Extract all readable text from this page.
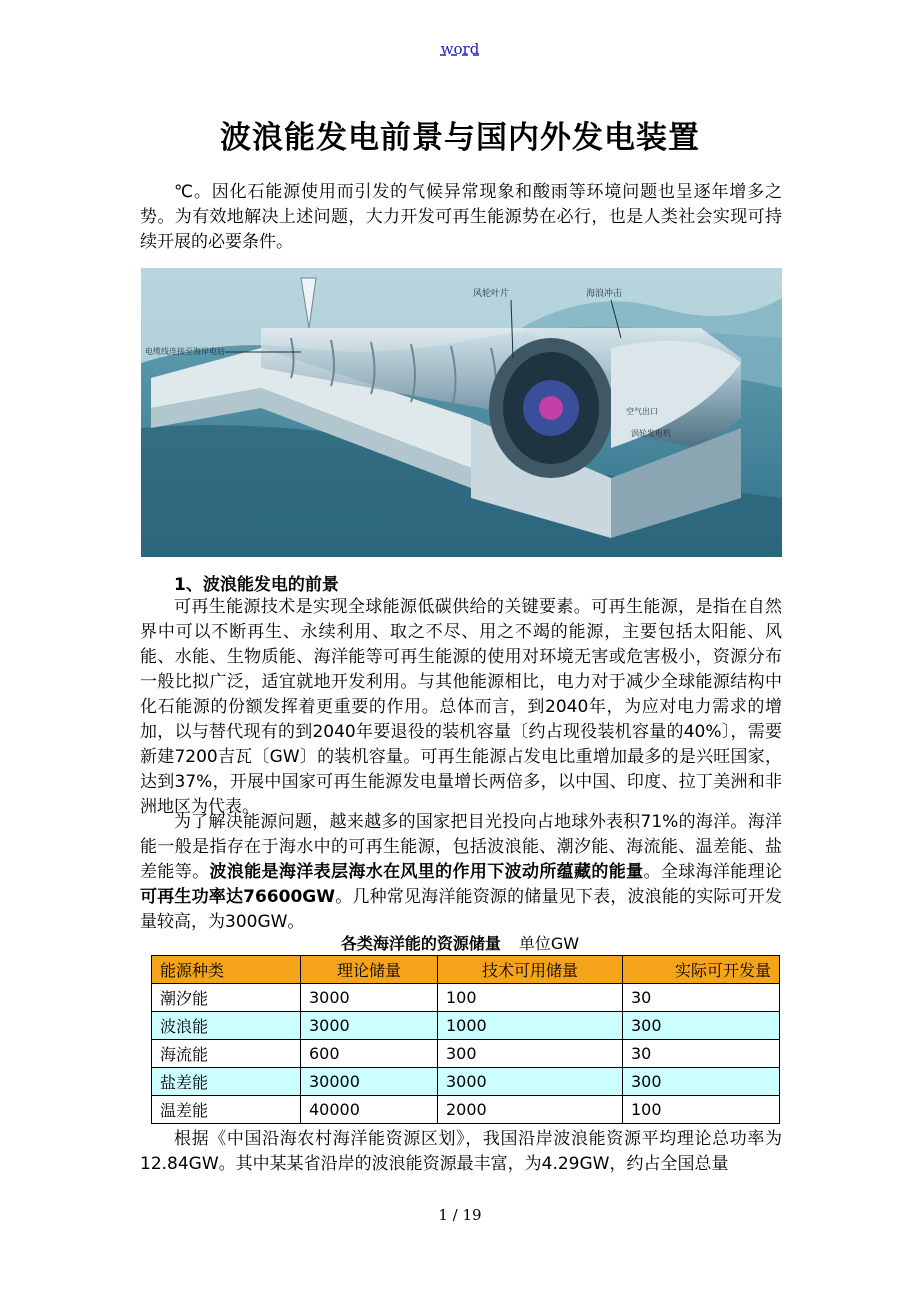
word
波浪能发电前景与国内外发电装置
℃。因化石能源使用而引发的气候异常现象和酸雨等环境问题也呈逐年增多之势。为有效地解决上述问题，大力开发可再生能源势在必行，也是人类社会实现可持续开展的必要条件。
风轮叶片	海浪冲击
电缆线连接至海岸电站
空气出口
涡轮发电机
1、波浪能发电的前景
可再生能源技术是实现全球能源低碳供给的关键要素。可再生能源，是指在自然界中可以不断再生、永续利用、取之不尽、用之不竭的能源，主要包括太阳能、风能、水能、生物质能、海洋能等可再生能源的使用对环境无害或危害极小，资源分布一般比拟广泛，适宜就地开发利用。与其他能源相比，电力对于减少全球能源结构中化石能源的份额发挥着更重要的作用。总体而言，到2040年，为应对电力需求的增加，以与替代现有的到2040年要退役的装机容量〔约占现役装机容量的40%〕，需要新建7200吉瓦〔GW〕的装机容量。可再生能源占发电比重增加最多的是兴旺国家，达到37%，开展中国家可再生能源发电量增长两倍多，以中国、印度、拉丁美洲和非洲地区为代表。
为了解决能源问题，越来越多的国家把目光投向占地球外表积71%的海洋。海洋能一般是指存在于海水中的可再生能源，包括波浪能、潮汐能、海流能、温差能、盐差能等。波浪能是海洋表层海水在风里的作用下波动所蕴藏的能量。全球海洋能理论可再生功率达76600GW。几种常见海洋能资源的储量见下表，波浪能的实际可开发量较高，为300GW。
各类海洋能的资源储量 单位GW
能源种类	理论储量	技术可用储量	实际可开发量
潮汐能	3000	100	30
波浪能	3000	1000	300
海流能	600	300	30
盐差能	30000	3000	300
温差能	40000	2000	100
根据《中国沿海农村海洋能资源区划》，我国沿岸波浪能资源平均理论总功率为12.84GW。其中某某省沿岸的波浪能资源最丰富，为4.29GW，约占全国总量
1 / 19
